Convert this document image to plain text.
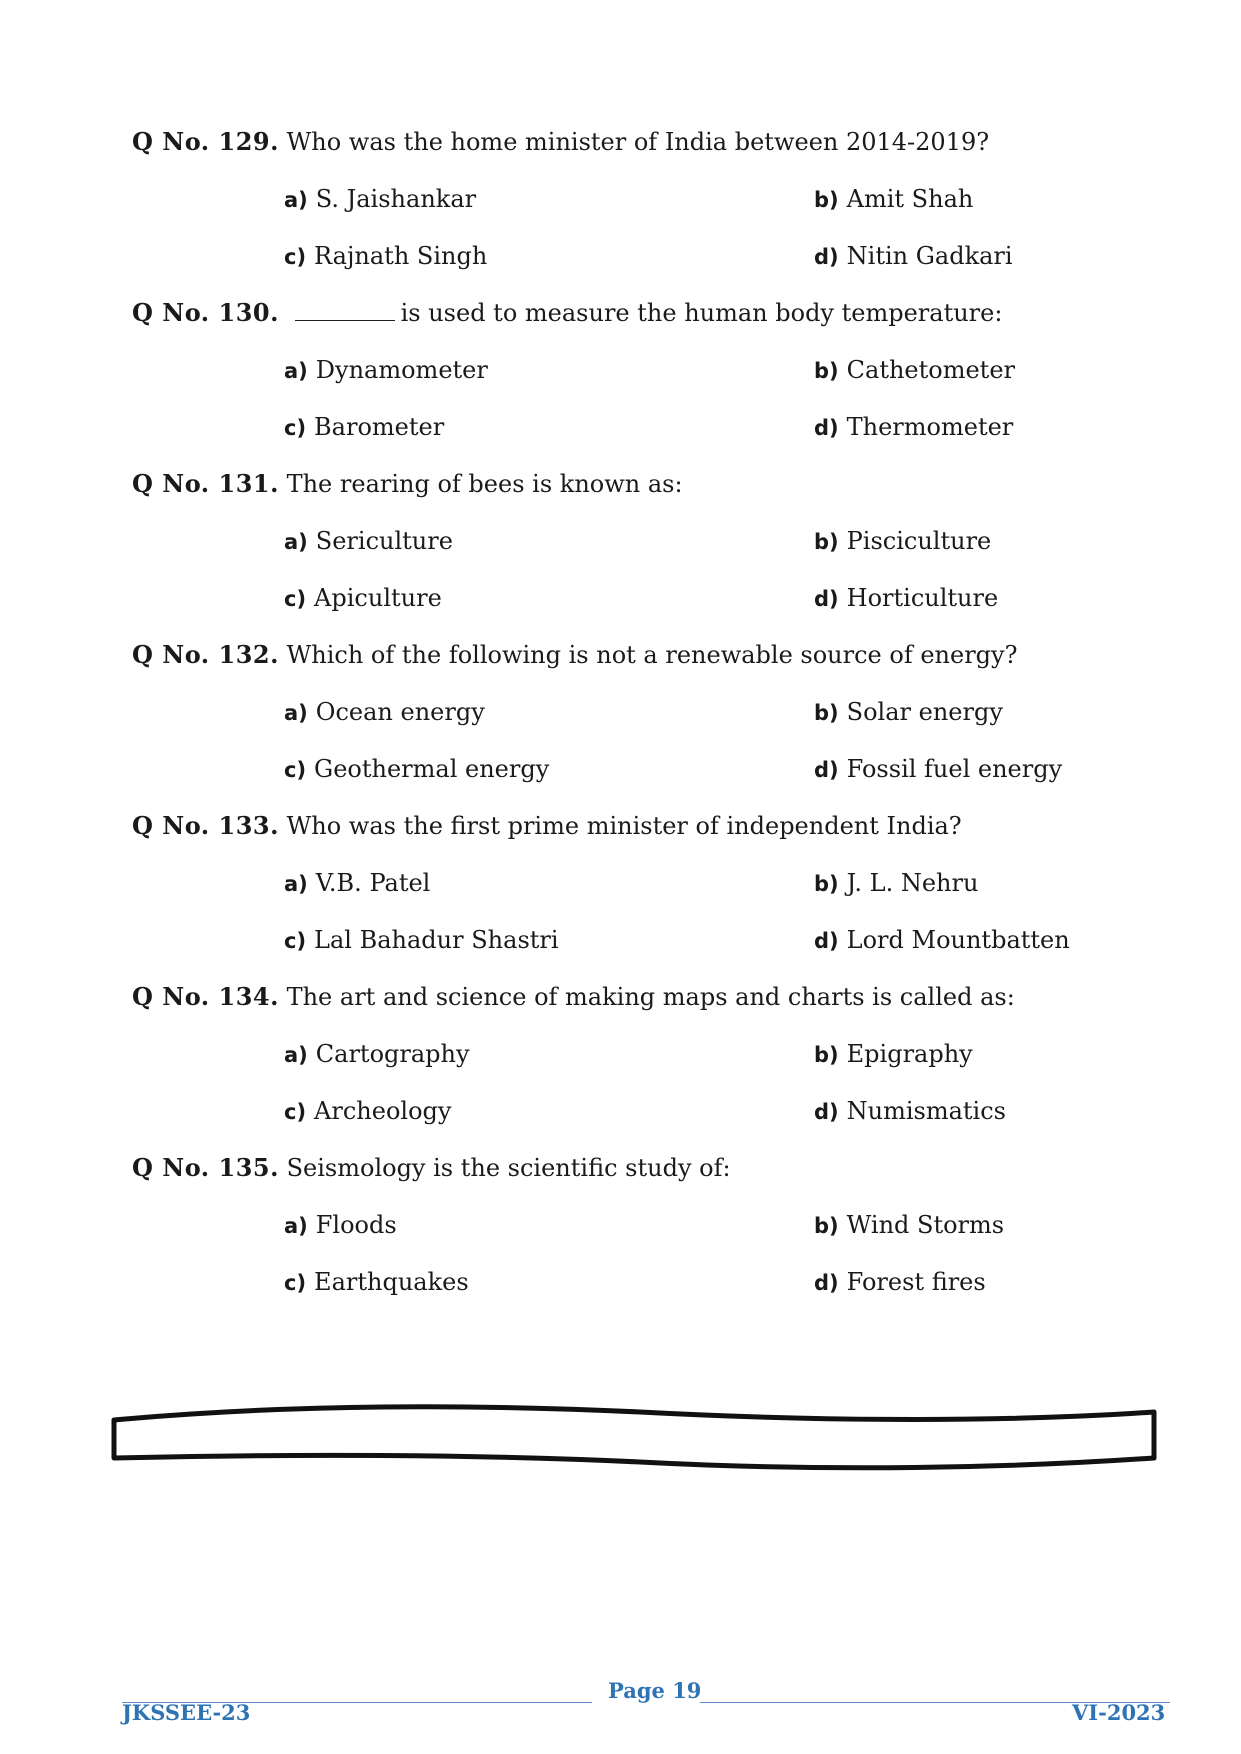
Q No. 129. Who was the home minister of India between 2014-2019?
a) S. Jaishankar	b) Amit Shah
c) Rajnath Singh	d) Nitin Gadkari
Q No. 130.	is used to measure the human body temperature:
a) Dynamometer	b) Cathetometer
c) Barometer	d) Thermometer
Q No. 131. The rearing of bees is known as:
a) Sericulture	b) Pisciculture
c) Apiculture	d) Horticulture
Q No. 132. Which of the following is not a renewable source of energy?
a) Ocean energy	b) Solar energy
c) Geothermal energy	d) Fossil fuel energy
Q No. 133. Who was the first prime minister of independent India?
a) V.B. Patel	b) J. L. Nehru
c) Lal Bahadur Shastri	d) Lord Mountbatten
Q No. 134. The art and science of making maps and charts is called as:
a) Cartography	b) Epigraphy
c) Archeology	d) Numismatics
Q No. 135. Seismology is the scientific study of:
a) Floods	b) Wind Storms
c) Earthquakes	d) Forest fires
JKSSEE-23
Page 19
VI-2023
